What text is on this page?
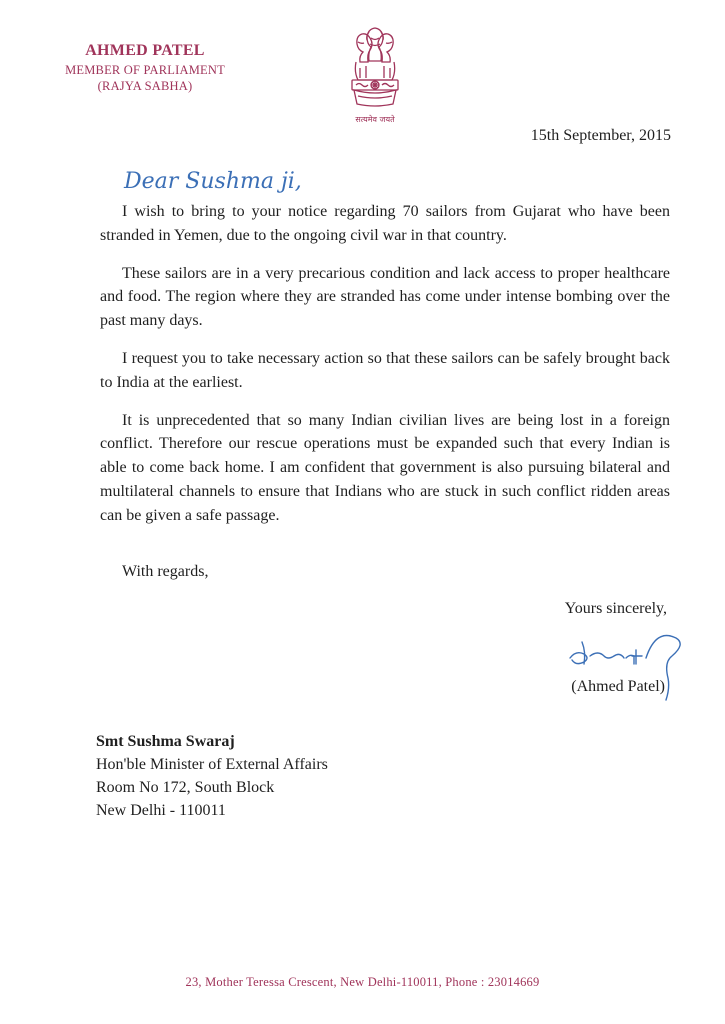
AHMED PATEL
MEMBER OF PARLIAMENT
(RAJYA SABHA)
सत्यमेव जयते
15th September, 2015
Dear Sushma ji,

I wish to bring to your notice regarding 70 sailors from Gujarat who have been stranded in Yemen, due to the ongoing civil war in that country.

These sailors are in a very precarious condition and lack access to proper healthcare and food. The region where they are stranded has come under intense bombing over the past many days.

I request you to take necessary action so that these sailors can be safely brought back to India at the earliest.

It is unprecedented that so many Indian civilian lives are being lost in a foreign conflict. Therefore our rescue operations must be expanded such that every Indian is able to come back home. I am confident that government is also pursuing bilateral and multilateral channels to ensure that Indians who are stuck in such conflict ridden areas can be given a safe passage.

With regards,
Yours sincerely,
(Ahmed Patel)
Smt Sushma Swaraj
Hon'ble Minister of External Affairs
Room No 172, South Block
New Delhi - 110011
23, Mother Teressa Crescent, New Delhi-110011, Phone : 23014669
